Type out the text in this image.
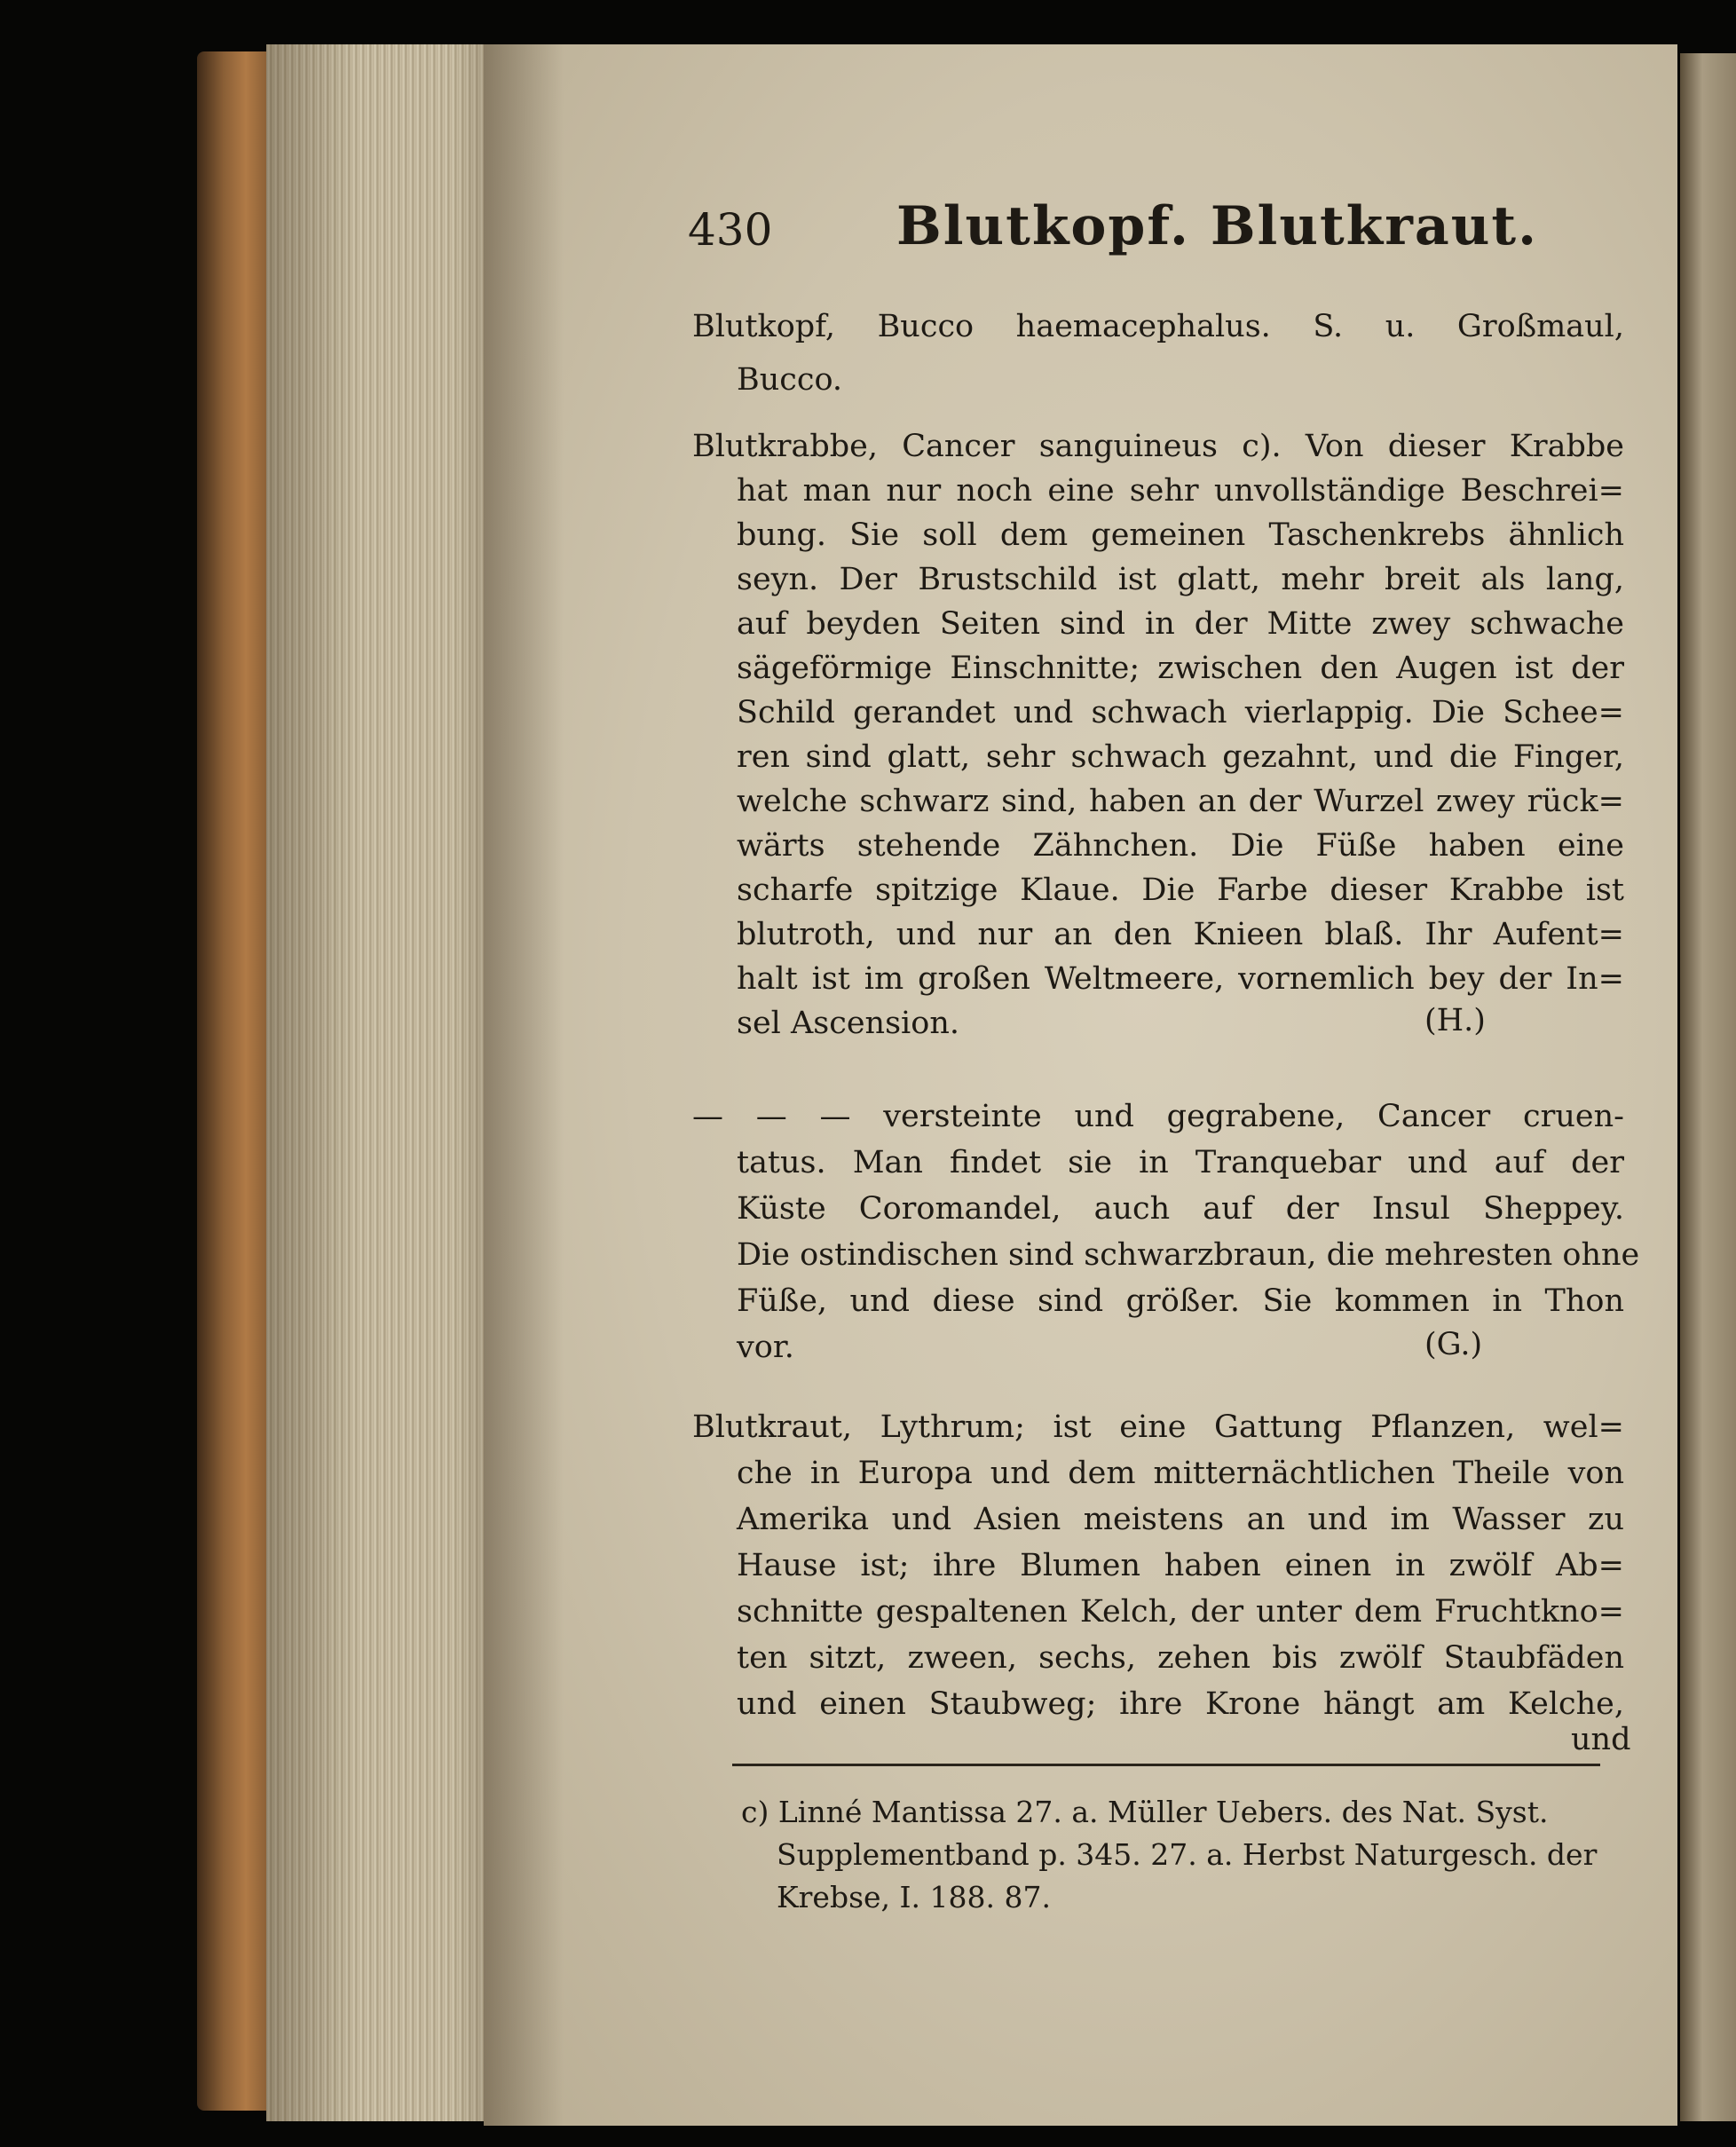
430 Blutkopf. Blutkraut.
Blutkopf, Bucco haemacephalus. S. u. Großmaul,
Bucco.
Blutkrabbe, Cancer sanguineus c). Von dieser Krabbe
hat man nur noch eine sehr unvollständige Beschrei=
bung. Sie soll dem gemeinen Taschenkrebs ähnlich
seyn. Der Brustschild ist glatt, mehr breit als lang,
auf beyden Seiten sind in der Mitte zwey schwache
sägeförmige Einschnitte; zwischen den Augen ist der
Schild gerandet und schwach vierlappig. Die Schee=
ren sind glatt, sehr schwach gezahnt, und die Finger,
welche schwarz sind, haben an der Wurzel zwey rück=
wärts stehende Zähnchen. Die Füße haben eine
scharfe spitzige Klaue. Die Farbe dieser Krabbe ist
blutroth, und nur an den Knieen blaß. Ihr Aufent=
halt ist im großen Weltmeere, vornemlich bey der In=
sel Ascension.	(H.)
— — — versteinte und gegrabene, Cancer cruen-
tatus. Man findet sie in Tranquebar und auf der
Küste Coromandel, auch auf der Insul Sheppey.
Die ostindischen sind schwarzbraun, die mehresten ohne
Füße, und diese sind größer. Sie kommen in Thon
vor.	(G.)
Blutkraut, Lythrum; ist eine Gattung Pflanzen, wel=
che in Europa und dem mitternächtlichen Theile von
Amerika und Asien meistens an und im Wasser zu
Hause ist; ihre Blumen haben einen in zwölf Ab=
schnitte gespaltenen Kelch, der unter dem Fruchtkno=
ten sitzt, zween, sechs, zehen bis zwölf Staubfäden
und einen Staubweg; ihre Krone hängt am Kelche,
und
c) Linné Mantissa 27. a. Müller Uebers. des Nat. Syst.
Supplementband p. 345. 27. a. Herbst Naturgesch. der
Krebse, I. 188. 87.
